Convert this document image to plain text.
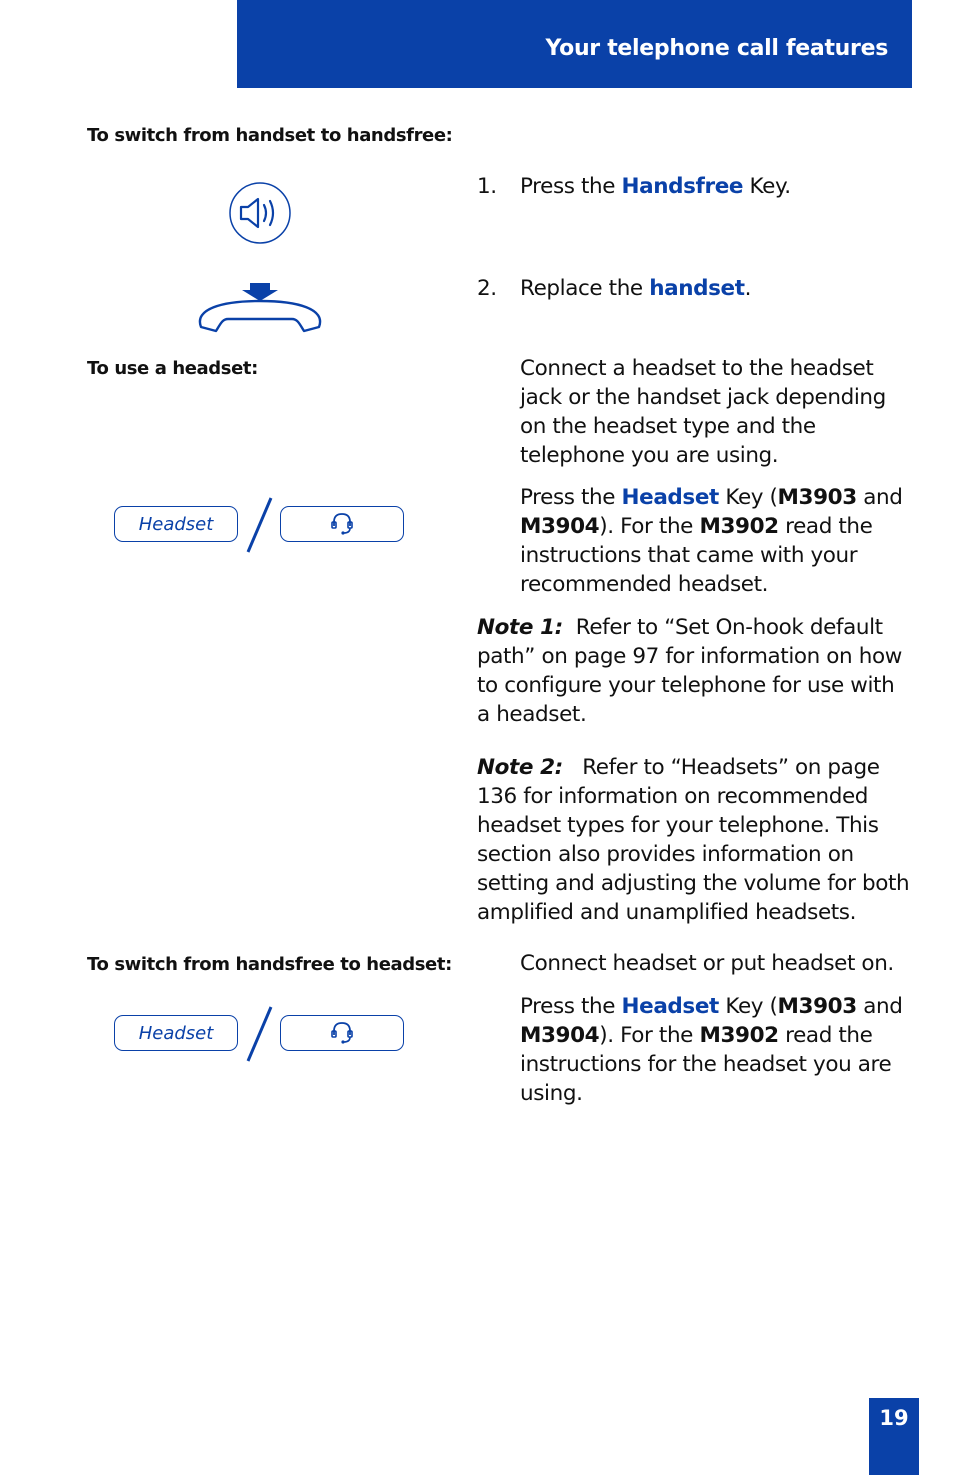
Your telephone call features
To switch from handset to handsfree:
1. Press the Handsfree Key.
2. Replace the handset.
To use a headset:	Connect a headset to the headset jack or the handset jack depending on the headset type and the telephone you are using.
Press the Headset Key (M3903 and M3904). For the M3902 read the instructions that came with your recommended headset.
Headset
Note 1: Refer to “Set On-hook default path” on page 97 for information on how to configure your telephone for use with a headset.
Note 2: Refer to “Headsets” on page 136 for information on recommended headset types for your telephone. This section also provides information on setting and adjusting the volume for both amplified and unamplified headsets.
To switch from handsfree to headset:	Connect headset or put headset on.
Press the Headset Key (M3903 and M3904). For the M3902 read the instructions for the headset you are using.
Headset
19
